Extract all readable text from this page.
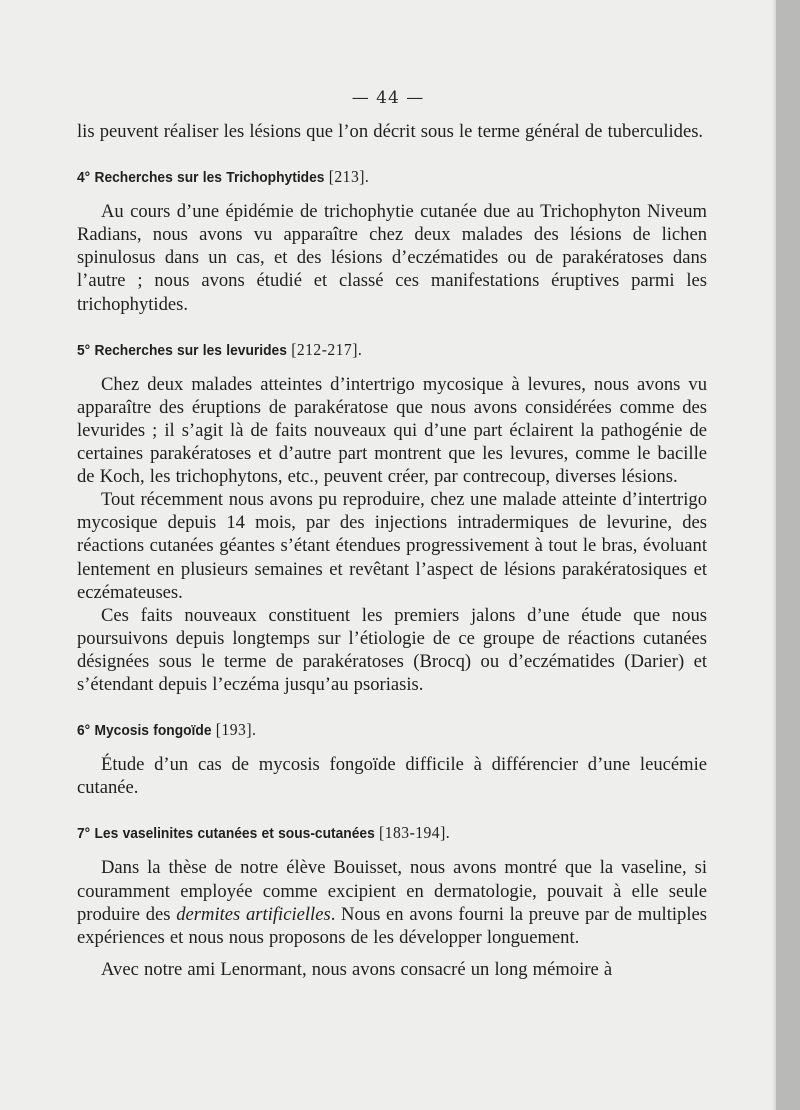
— 44 —

lis peuvent réaliser les lésions que l’on décrit sous le terme général de tuberculides.

4° Recherches sur les Trichophytides [213].

Au cours d’une épidémie de trichophytie cutanée due au Trichophyton Niveum Radians, nous avons vu apparaître chez deux malades des lésions de lichen spinulosus dans un cas, et des lésions d’eczématides ou de parakératoses dans l’autre ; nous avons étudié et classé ces manifestations éruptives parmi les trichophytides.

5° Recherches sur les levurides [212-217].

Chez deux malades atteintes d’intertrigo mycosique à levures, nous avons vu apparaître des éruptions de parakératose que nous avons considérées comme des levurides ; il s’agit là de faits nouveaux qui d’une part éclairent la pathogénie de certaines parakératoses et d’autre part montrent que les levures, comme le bacille de Koch, les trichophytons, etc., peuvent créer, par contrecoup, diverses lésions.

Tout récemment nous avons pu reproduire, chez une malade atteinte d’intertrigo mycosique depuis 14 mois, par des injections intradermiques de levurine, des réactions cutanées géantes s’étant étendues progressivement à tout le bras, évoluant lentement en plusieurs semaines et revêtant l’aspect de lésions parakératosiques et eczémateuses.

Ces faits nouveaux constituent les premiers jalons d’une étude que nous poursuivons depuis longtemps sur l’étiologie de ce groupe de réactions cutanées désignées sous le terme de parakératoses (Brocq) ou d’eczématides (Darier) et s’étendant depuis l’eczéma jusqu’au psoriasis.

6° Mycosis fongoïde [193].

Étude d’un cas de mycosis fongoïde difficile à différencier d’une leucémie cutanée.

7° Les vaselinites cutanées et sous-cutanées [183-194].

Dans la thèse de notre élève Bouisset, nous avons montré que la vaseline, si couramment employée comme excipient en dermatologie, pouvait à elle seule produire des dermites artificielles. Nous en avons fourni la preuve par de multiples expériences et nous nous proposons de les développer longuement.

Avec notre ami Lenormant, nous avons consacré un long mémoire à
